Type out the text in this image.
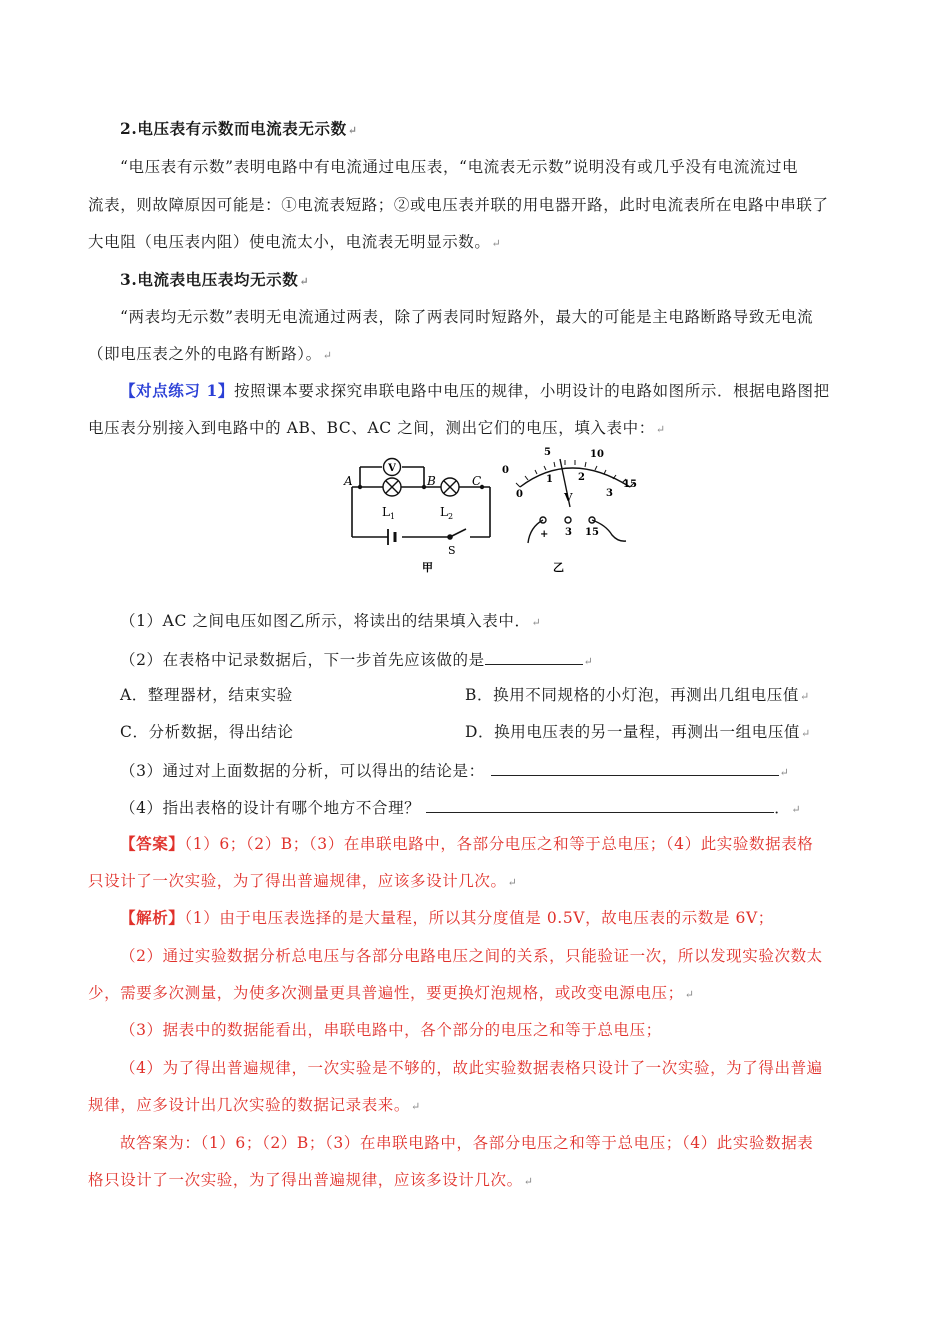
2.电压表有示数而电流表无示数↵
“电压表有示数”表明电路中有电流通过电压表，“电流表无示数”说明没有或几乎没有电流流过电
流表，则故障原因可能是：①电流表短路；②或电压表并联的用电器开路，此时电流表所在电路中串联了
大电阻（电压表内阻）使电流太小，电流表无明显示数。↵
3.电流表电压表均无示数↵
“两表均无示数”表明无电流通过两表，除了两表同时短路外，最大的可能是主电路断路导致无电流
（即电压表之外的电路有断路）。↵
【对点练习 1】按照课本要求探究串联电路中电压的规律，小明设计的电路如图所示．根据电路图把
电压表分别接入到电路中的 AB、BC、AC 之间，测出它们的电压，填入表中：↵
V
A	B	C
$L_1$	$L_2$
S
甲
0
5	10
15
0
1	2
3
V
+ 3 15
乙
（1）AC 之间电压如图乙所示，将读出的结果填入表中．↵
（2）在表格中记录数据后，下一步首先应该做的是	↵
A．整理器材，结束实验	B．换用不同规格的小灯泡，再测出几组电压值↵
C．分析数据，得出结论	D．换用电压表的另一量程，再测出一组电压值↵
（3）通过对上面数据的分析，可以得出的结论是：	↵
（4）指出表格的设计有哪个地方不合理？	．↵
【答案】（1）6；（2）B；（3）在串联电路中，各部分电压之和等于总电压；（4）此实验数据表格
只设计了一次实验，为了得出普遍规律，应该多设计几次。↵
【解析】（1）由于电压表选择的是大量程，所以其分度值是 0.5V，故电压表的示数是 6V；
（2）通过实验数据分析总电压与各部分电路电压之间的关系，只能验证一次，所以发现实验次数太
少，需要多次测量，为使多次测量更具普遍性，要更换灯泡规格，或改变电源电压；↵
（3）据表中的数据能看出，串联电路中，各个部分的电压之和等于总电压；
（4）为了得出普遍规律，一次实验是不够的，故此实验数据表格只设计了一次实验，为了得出普遍
规律，应多设计出几次实验的数据记录表来。↵
故答案为：（1）6；（2）B；（3）在串联电路中，各部分电压之和等于总电压；（4）此实验数据表
格只设计了一次实验，为了得出普遍规律，应该多设计几次。↵
